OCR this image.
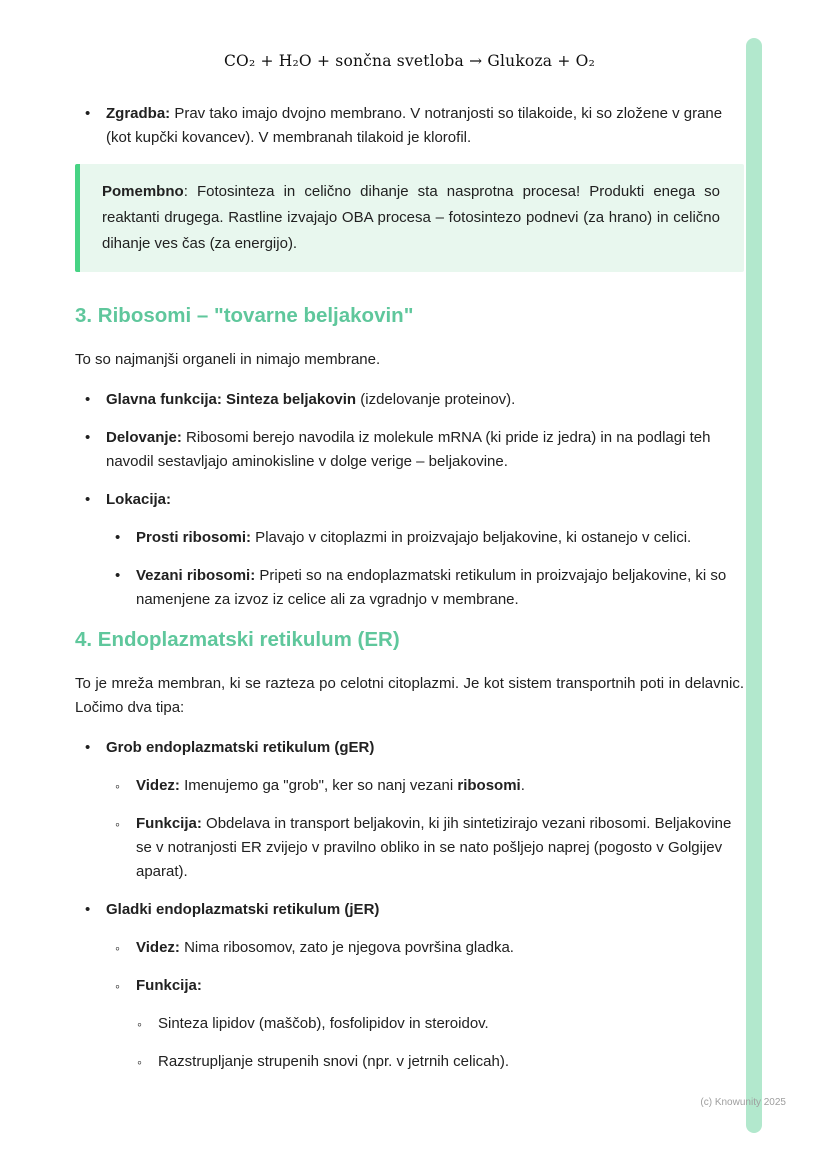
CO₂ + H₂O + sončna svetloba → Glukoza + O₂
•	Zgradba: Prav tako imajo dvojno membrano. V notranjosti so tilakoide, ki so zložene v grane (kot kupčki kovancev). V membranah tilakoid je klorofil.
Pomembno: Fotosinteza in celično dihanje sta nasprotna procesa! Produkti enega so reaktanti drugega. Rastline izvajajo OBA procesa – fotosintezo podnevi (za hrano) in celično dihanje ves čas (za energijo).
3. Ribosomi – "tovarne beljakovin"

To so najmanjši organeli in nimajo membrane.

•	Glavna funkcija: Sinteza beljakovin (izdelovanje proteinov).
•	Delovanje: Ribosomi berejo navodila iz molekule mRNA (ki pride iz jedra) in na podlagi teh navodil sestavljajo aminokisline v dolge verige – beljakovine.
•	Lokacija:
•	Prosti ribosomi: Plavajo v citoplazmi in proizvajajo beljakovine, ki ostanejo v celici.
•	Vezani ribosomi: Pripeti so na endoplazmatski retikulum in proizvajajo beljakovine, ki so namenjene za izvoz iz celice ali za vgradnjo v membrane.
4. Endoplazmatski retikulum (ER)

To je mreža membran, ki se razteza po celotni citoplazmi. Je kot sistem transportnih poti in delavnic. Ločimo dva tipa:

•	Grob endoplazmatski retikulum (gER)
◦	Videz: Imenujemo ga "grob", ker so nanj vezani ribosomi.
◦	Funkcija: Obdelava in transport beljakovin, ki jih sintetizirajo vezani ribosomi. Beljakovine se v notranjosti ER zvijejo v pravilno obliko in se nato pošljejo naprej (pogosto v Golgijev aparat).
•	Gladki endoplazmatski retikulum (jER)
◦	Videz: Nima ribosomov, zato je njegova površina gladka.
◦	Funkcija:
◦	Sinteza lipidov (maščob), fosfolipidov in steroidov.
◦	Razstrupljanje strupenih snovi (npr. v jetrnih celicah).
(c) Knowunity 2025
